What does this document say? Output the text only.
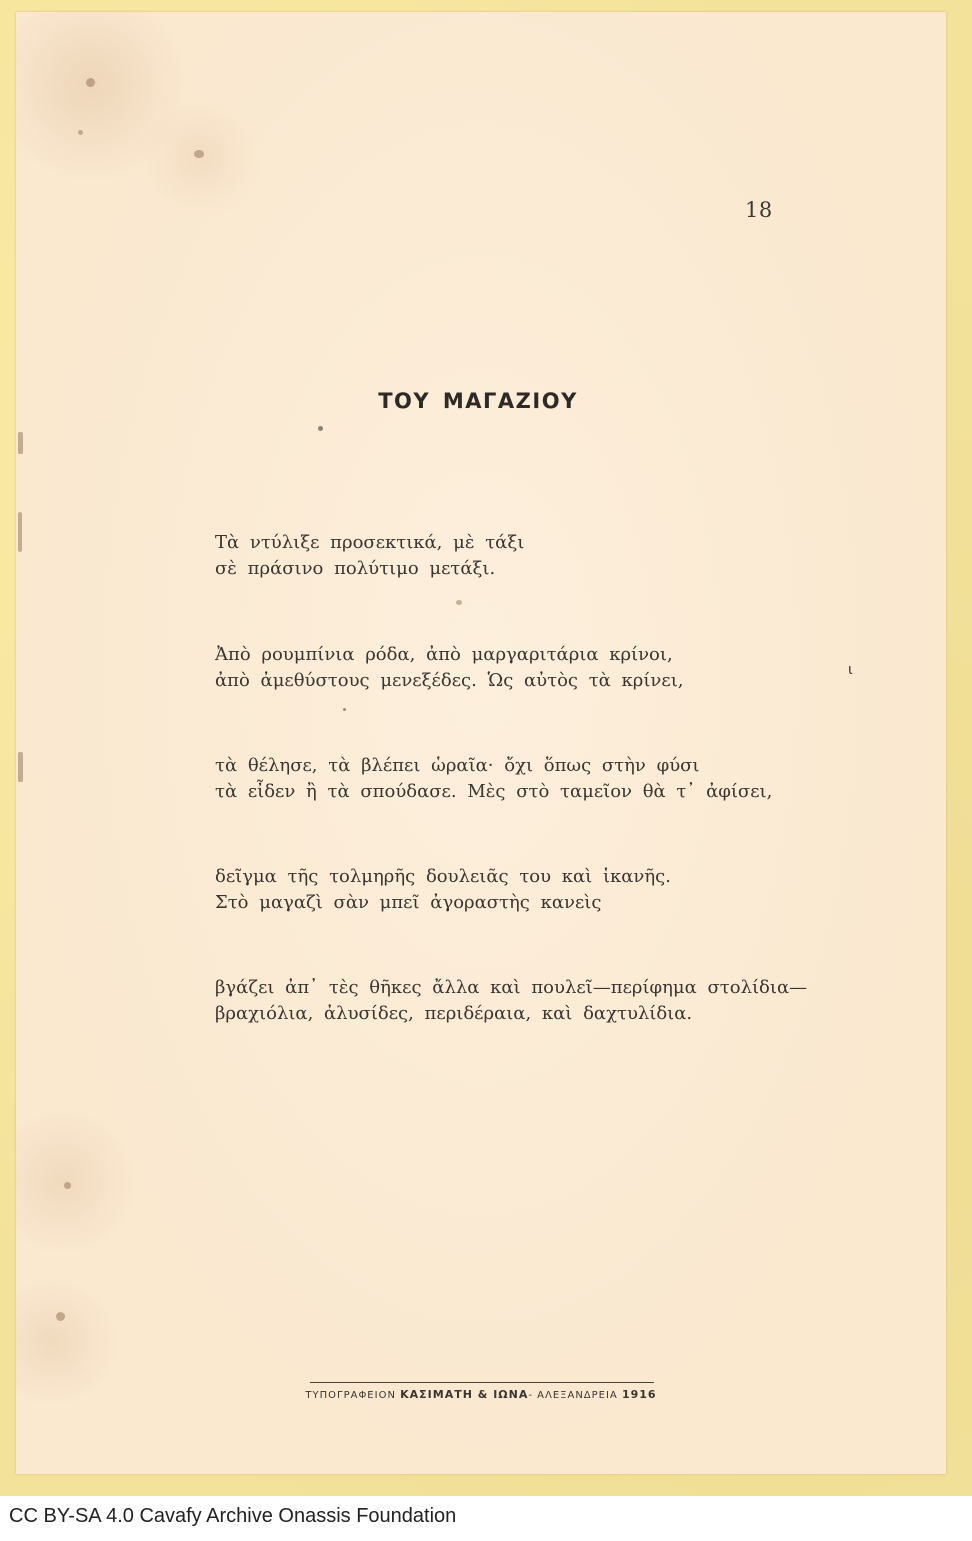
18
ΤΟΥ ΜΑΓΑΖΙΟΥ
Τὰ ντύλιξε προσεκτικά, μὲ τάξι
σὲ πράσινο πολύτιμο μετάξι.
Ἀπὸ ρουμπίνια ρόδα, ἀπὸ μαργαριτάρια κρίνοι,
ἀπὸ ἀμεθύστους μενεξέδες. Ὡς αὐτὸς τὰ κρίνει,
τὰ θέλησε, τὰ βλέπει ὡραῖα· ὄχι ὅπως στὴν φύσι
τὰ εἶδεν ἢ τὰ σπούδασε. Μὲς στὸ ταμεῖον θὰ τ᾿ ἀφίσει,
δεῖγμα τῆς τολμηρῆς δουλειᾶς του καὶ ἱκανῆς.
Στὸ μαγαζὶ σὰν μπεῖ ἀγοραστὴς κανεὶς
βγάζει ἀπ᾿ τὲς θῆκες ἄλλα καὶ πουλεῖ—περίφημα στολίδια—
βραχιόλια, ἀλυσίδες, περιδέραια, καὶ δαχτυλίδια.
ι
ΤΥΠΟΓΡΑΦΕΙΟΝ ΚΑΣΙΜΑΤΗ & ΙΩΝΑ- ΑΛΕΞΑΝΔΡΕΙΑ 1916
CC BY-SA 4.0 Cavafy Archive Onassis Foundation
